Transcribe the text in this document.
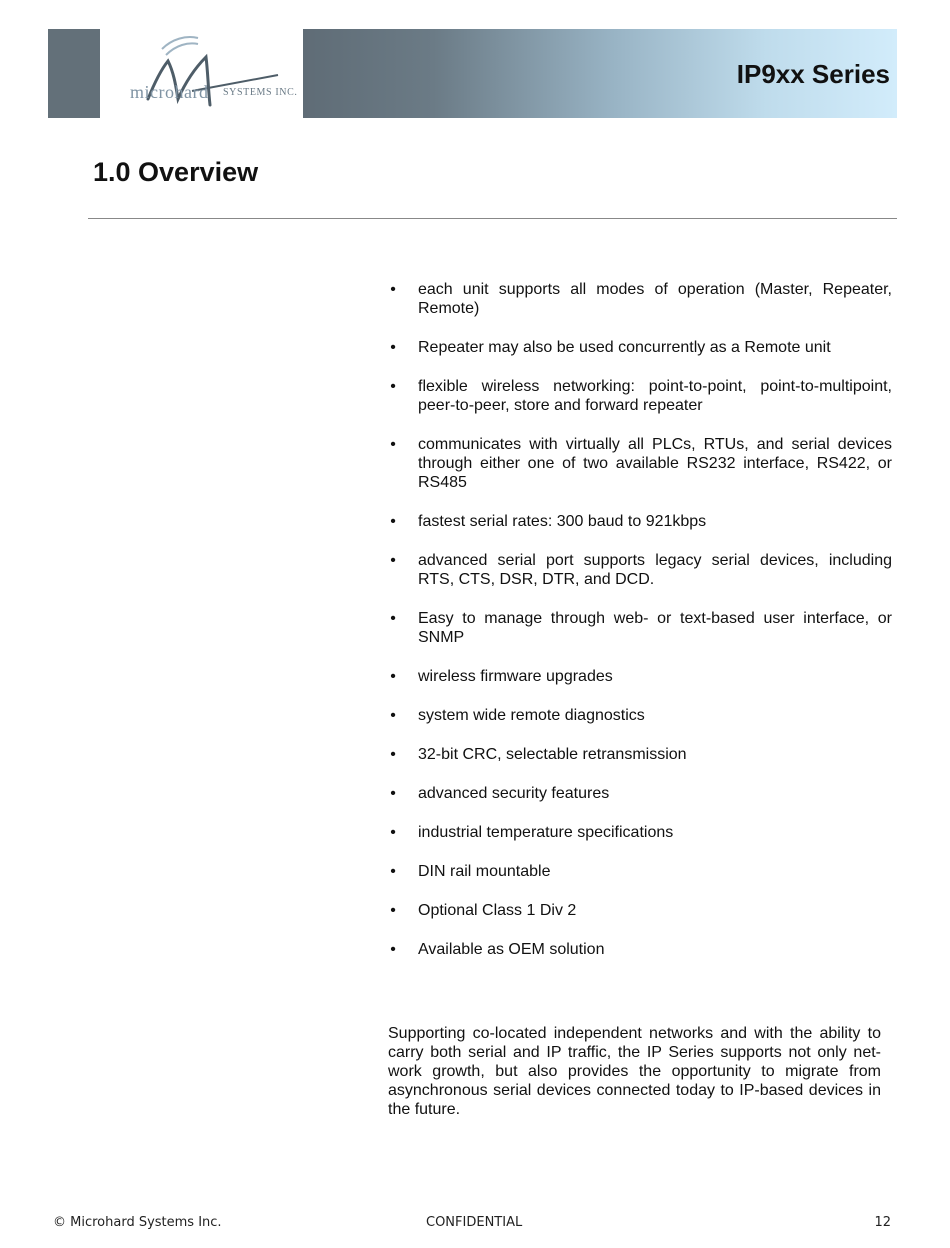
microhard SYSTEMS INC.
IP9xx Series
1.0 Overview
• each unit supports all modes of operation (Master, Repeater, Remote)
• Repeater may also be used concurrently as a Remote unit
• flexible wireless networking: point-to-point, point-to-multipoint, peer-to-peer, store and forward repeater
• communicates with virtually all PLCs, RTUs, and serial devices through either one of two available RS232 interface, RS422, or RS485
• fastest serial rates: 300 baud to 921kbps
• advanced serial port supports legacy serial devices, including RTS, CTS, DSR, DTR, and DCD.
• Easy to manage through web- or text-based user interface, or SNMP
• wireless firmware upgrades
• system wide remote diagnostics
• 32-bit CRC, selectable retransmission
• advanced security features
• industrial temperature specifications
• DIN rail mountable
• Optional Class 1 Div 2
• Available as OEM solution
Supporting co-located independent networks and with the ability to carry both serial and IP traffic, the IP Series supports not only net-work growth, but also provides the opportunity to migrate from asynchronous serial devices connected today to IP-based devices in the future.
© Microhard Systems Inc.	CONFIDENTIAL	12
